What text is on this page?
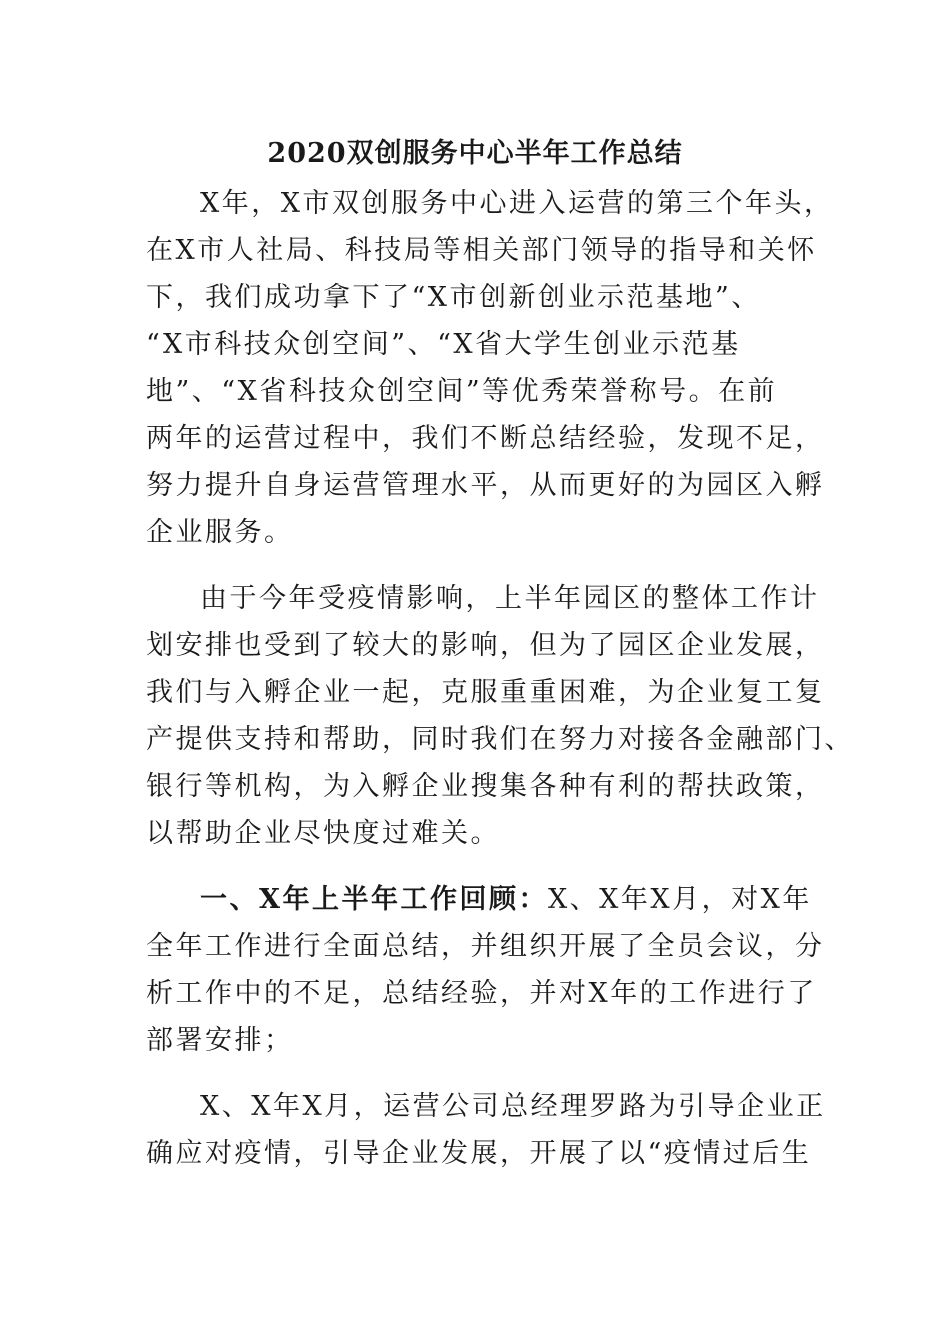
2020双创服务中心半年工作总结
X年，X市双创服务中心进入运营的第三个年头，
在X市人社局、科技局等相关部门领导的指导和关怀
下，我们成功拿下了“X市创新创业示范基地”、
“X市科技众创空间”、“X省大学生创业示范基
地”、“X省科技众创空间”等优秀荣誉称号。在前
两年的运营过程中，我们不断总结经验，发现不足，
努力提升自身运营管理水平，从而更好的为园区入孵
企业服务。
由于今年受疫情影响，上半年园区的整体工作计
划安排也受到了较大的影响，但为了园区企业发展，
我们与入孵企业一起，克服重重困难，为企业复工复
产提供支持和帮助，同时我们在努力对接各金融部门、
银行等机构，为入孵企业搜集各种有利的帮扶政策，
以帮助企业尽快度过难关。
一、X年上半年工作回顾：X、X年X月，对X年
全年工作进行全面总结，并组织开展了全员会议，分
析工作中的不足，总结经验，并对X年的工作进行了
部署安排；
X、X年X月，运营公司总经理罗路为引导企业正
确应对疫情，引导企业发展，开展了以“疫情过后生
